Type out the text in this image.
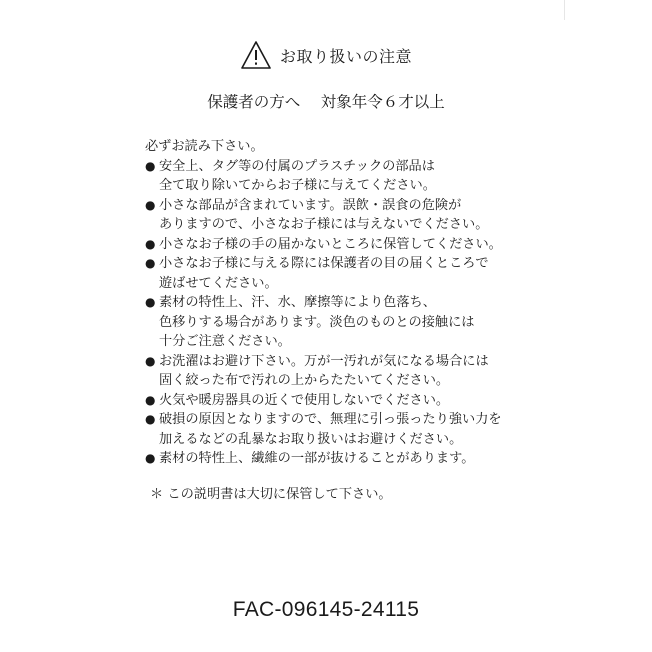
お取り扱いの注意
保護者の方へ　 対象年令６才以上
必ずお読み下さい。
● 安全上、タグ等の付属のプラスチックの部品は
全て取り除いてからお子様に与えてください。
● 小さな部品が含まれています。誤飲・誤食の危険が
ありますので、小さなお子様には与えないでください。
● 小さなお子様の手の届かないところに保管してください。
● 小さなお子様に与える際には保護者の目の届くところで
遊ばせてください。
● 素材の特性上、汗、水、摩擦等により色落ち、
色移りする場合があります。淡色のものとの接触には
十分ご注意ください。
● お洗濯はお避け下さい。万が一汚れが気になる場合には
固く絞った布で汚れの上からたたいてください。
● 火気や暖房器具の近くで使用しないでください。
● 破損の原因となりますので、無理に引っ張ったり強い力を
加えるなどの乱暴なお取り扱いはお避けください。
● 素材の特性上、繊維の一部が抜けることがあります。
＊ この説明書は大切に保管して下さい。
FAC-096145-24115
